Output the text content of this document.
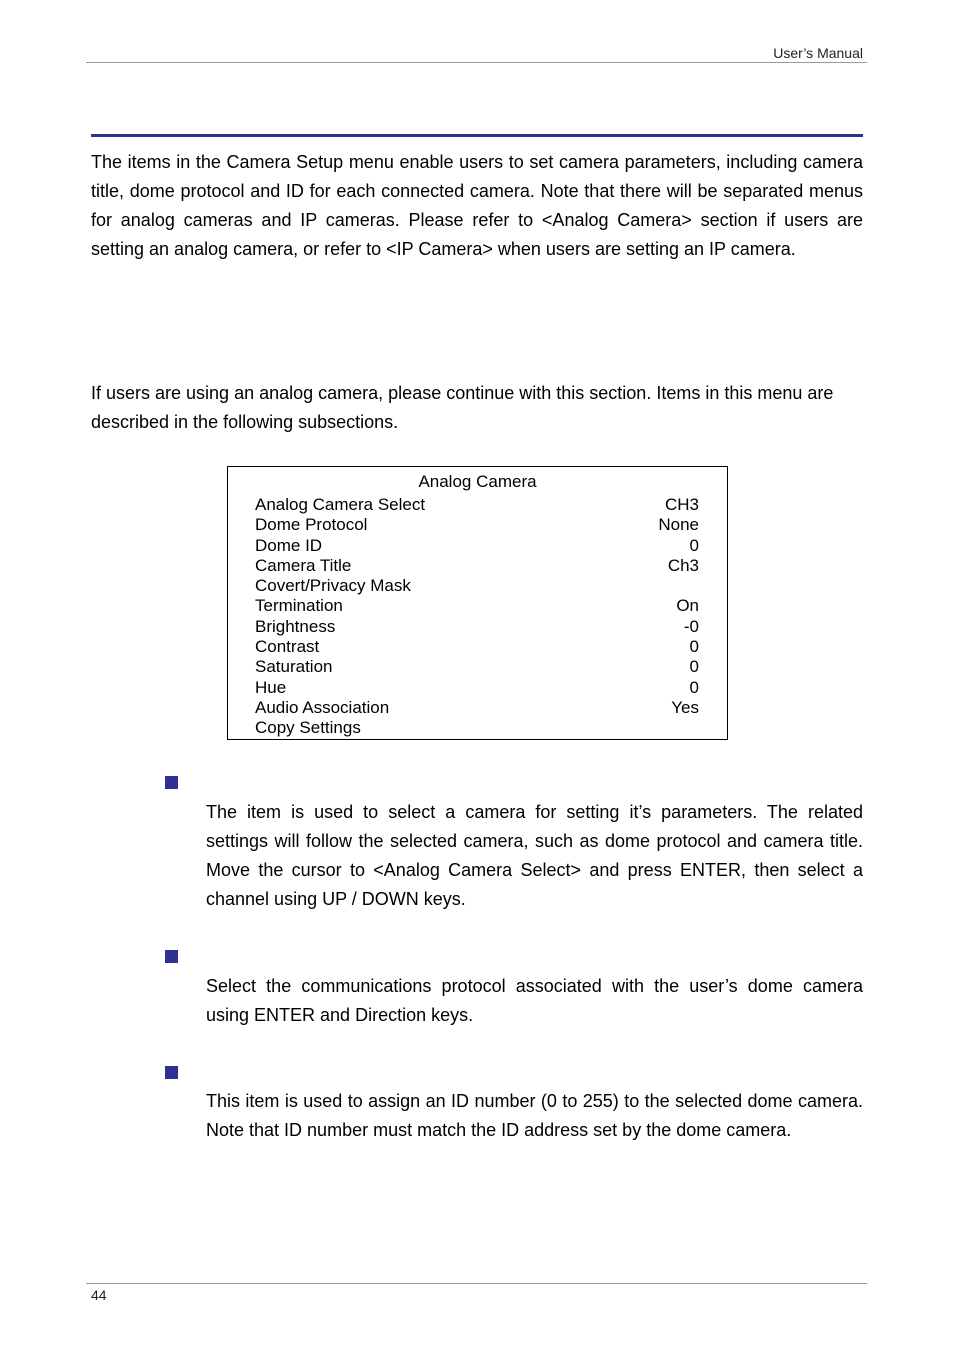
User’s Manual

The items in the Camera Setup menu enable users to set camera parameters, including camera title, dome protocol and ID for each connected camera. Note that there will be separated menus for analog cameras and IP cameras. Please refer to <Analog Camera> section if users are setting an analog camera, or refer to <IP Camera> when users are setting an IP camera.

If users are using an analog camera, please continue with this section. Items in this menu are described in the following subsections.

Analog Camera
Analog Camera Select	CH3
Dome Protocol	None
Dome ID	0
Camera Title	Ch3
Covert/Privacy Mask
Termination	On
Brightness	-0
Contrast	0
Saturation	0
Hue	0
Audio Association	Yes
Copy Settings

The item is used to select a camera for setting it’s parameters. The related settings will follow the selected camera, such as dome protocol and camera title. Move the cursor to <Analog Camera Select> and press ENTER, then select a channel using UP / DOWN keys.

Select the communications protocol associated with the user’s dome camera using ENTER and Direction keys.

This item is used to assign an ID number (0 to 255) to the selected dome camera. Note that ID number must match the ID address set by the dome camera.

44
